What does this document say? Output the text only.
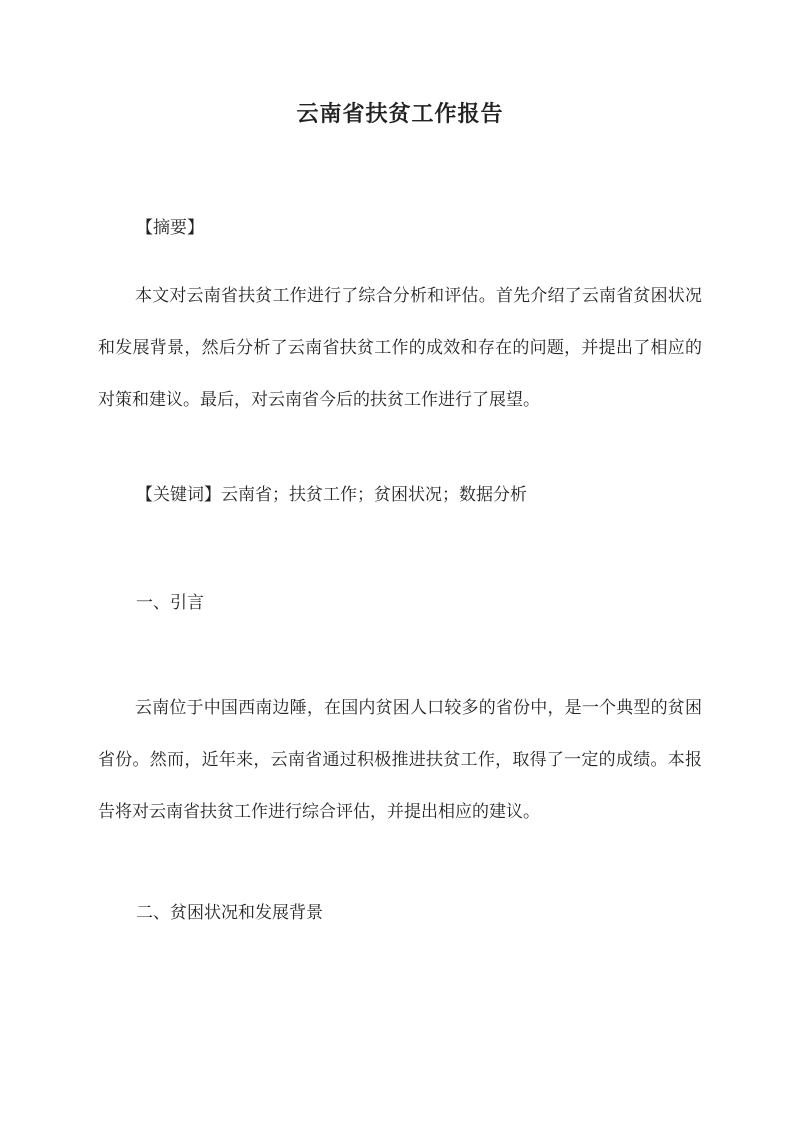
云南省扶贫工作报告

【摘要】

本文对云南省扶贫工作进行了综合分析和评估。首先介绍了云南省贫困状况和发展背景，然后分析了云南省扶贫工作的成效和存在的问题，并提出了相应的对策和建议。最后，对云南省今后的扶贫工作进行了展望。

【关键词】云南省；扶贫工作；贫困状况；数据分析

一、引言

云南位于中国西南边陲，在国内贫困人口较多的省份中，是一个典型的贫困省份。然而，近年来，云南省通过积极推进扶贫工作，取得了一定的成绩。本报告将对云南省扶贫工作进行综合评估，并提出相应的建议。

二、贫困状况和发展背景
